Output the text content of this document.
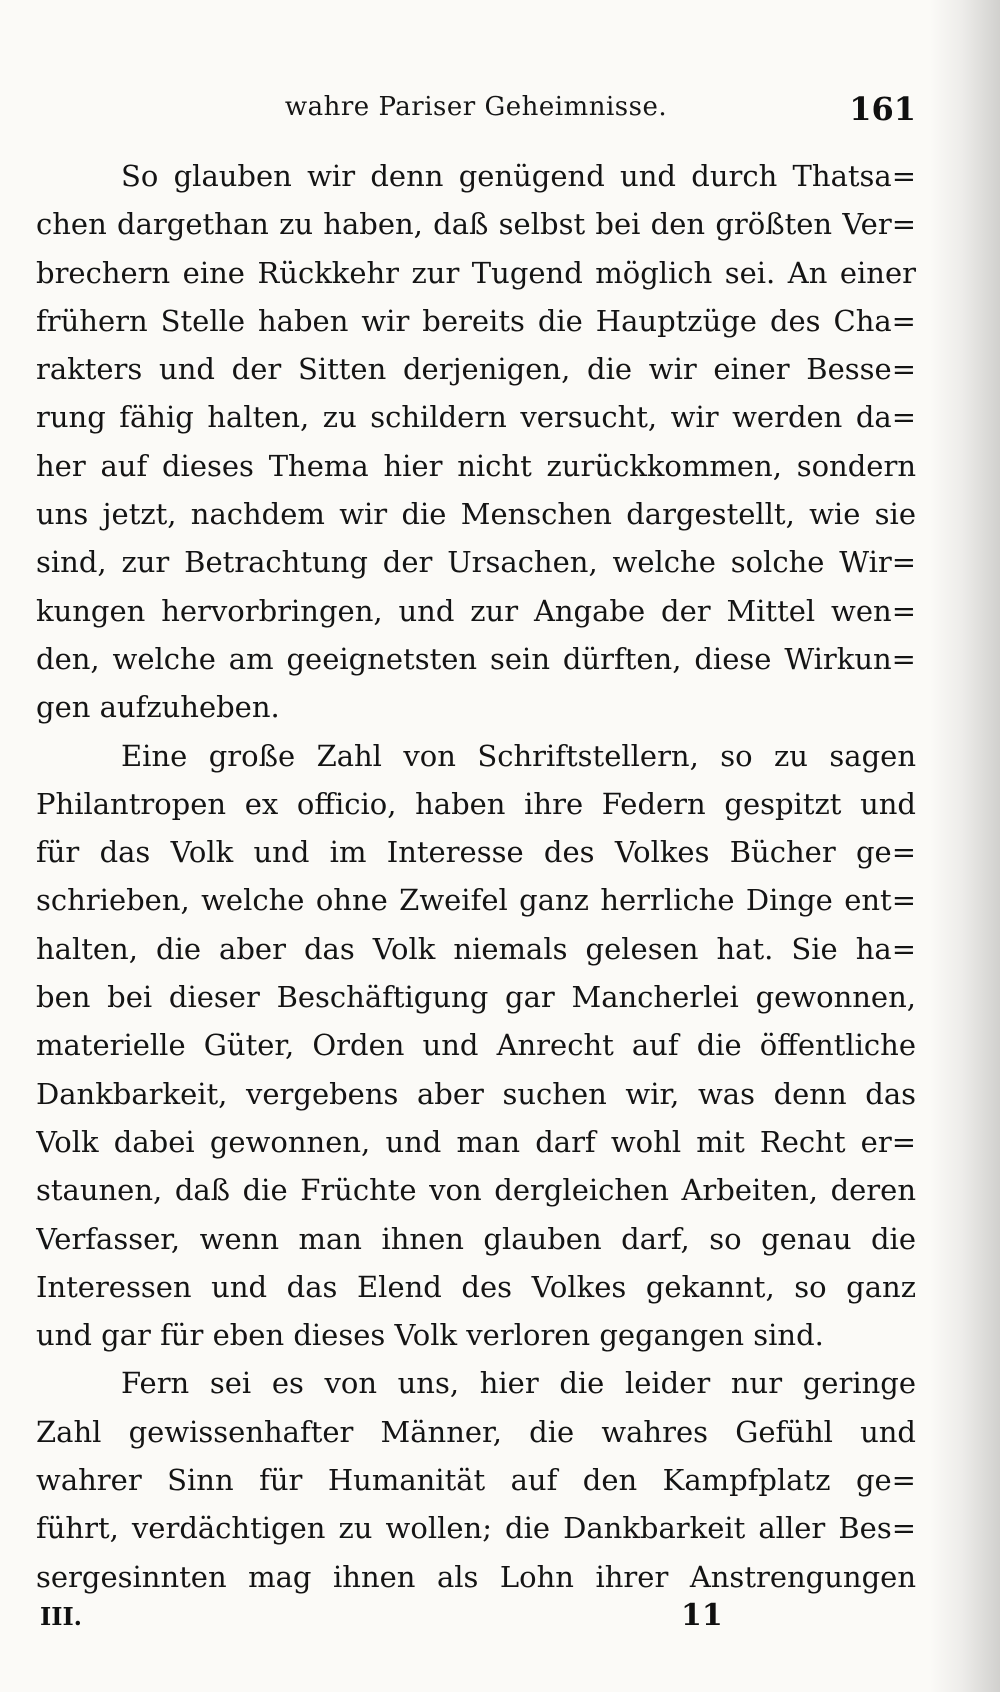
wahre Pariser Geheimnisse.	161
So glauben wir denn genügend und durch Thatsa=
chen dargethan zu haben, daß selbst bei den größten Ver=
brechern eine Rückkehr zur Tugend möglich sei. An einer
frühern Stelle haben wir bereits die Hauptzüge des Cha=
rakters und der Sitten derjenigen, die wir einer Besse=
rung fähig halten, zu schildern versucht, wir werden da=
her auf dieses Thema hier nicht zurückkommen, sondern
uns jetzt, nachdem wir die Menschen dargestellt, wie sie
sind, zur Betrachtung der Ursachen, welche solche Wir=
kungen hervorbringen, und zur Angabe der Mittel wen=
den, welche am geeignetsten sein dürften, diese Wirkun=
gen aufzuheben.
Eine große Zahl von Schriftstellern, so zu sagen
Philantropen ex officio, haben ihre Federn gespitzt und
für das Volk und im Interesse des Volkes Bücher ge=
schrieben, welche ohne Zweifel ganz herrliche Dinge ent=
halten, die aber das Volk niemals gelesen hat. Sie ha=
ben bei dieser Beschäftigung gar Mancherlei gewonnen,
materielle Güter, Orden und Anrecht auf die öffentliche
Dankbarkeit, vergebens aber suchen wir, was denn das
Volk dabei gewonnen, und man darf wohl mit Recht er=
staunen, daß die Früchte von dergleichen Arbeiten, deren
Verfasser, wenn man ihnen glauben darf, so genau die
Interessen und das Elend des Volkes gekannt, so ganz
und gar für eben dieses Volk verloren gegangen sind.
Fern sei es von uns, hier die leider nur geringe
Zahl gewissenhafter Männer, die wahres Gefühl und
wahrer Sinn für Humanität auf den Kampfplatz ge=
führt, verdächtigen zu wollen; die Dankbarkeit aller Bes=
sergesinnten mag ihnen als Lohn ihrer Anstrengungen
III.	11
